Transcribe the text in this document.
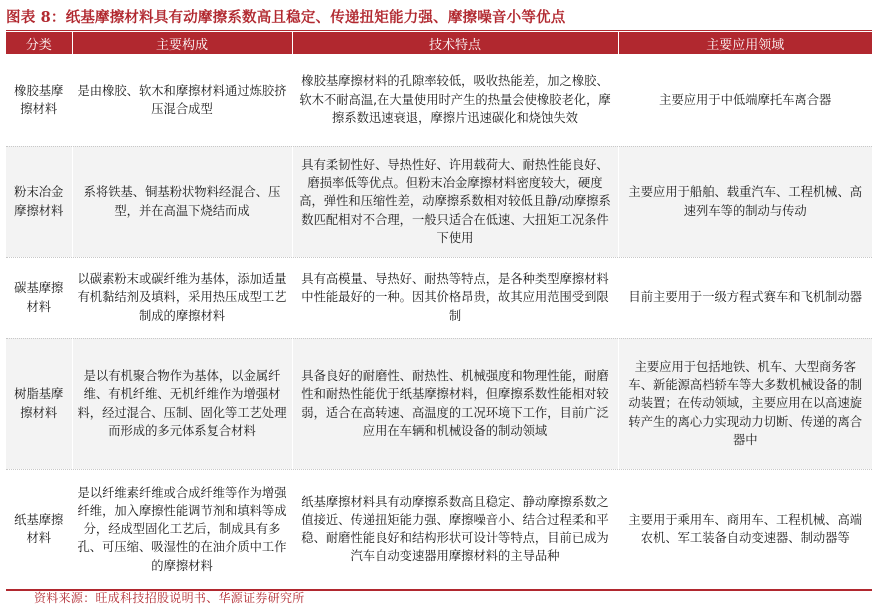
图表 8：纸基摩擦材料具有动摩擦系数高且稳定、传递扭矩能力强、摩擦噪音小等优点
分类	主要构成	技术特点	主要应用领域
橡胶基摩擦材料	是由橡胶、软木和摩擦材料通过炼胶挤压混合成型	橡胶基摩擦材料的孔隙率较低，吸收热能差，加之橡胶、软木不耐高温,在大量使用时产生的热量会使橡胶老化，摩擦系数迅速衰退，摩擦片迅速碳化和烧蚀失效	主要应用于中低端摩托车离合器
粉末冶金摩擦材料	系将铁基、铜基粉状物料经混合、压型，并在高温下烧结而成	具有柔韧性好、导热性好、许用载荷大、耐热性能良好、磨损率低等优点。但粉末冶金摩擦材料密度较大，硬度高，弹性和压缩性差，动摩擦系数相对较低且静/动摩擦系数匹配相对不合理，一般只适合在低速、大扭矩工况条件下使用	主要应用于船舶、载重汽车、工程机械、高速列车等的制动与传动
碳基摩擦材料	以碳素粉末或碳纤维为基体，添加适量有机黏结剂及填料，采用热压成型工艺制成的摩擦材料	具有高模量、导热好、耐热等特点，是各种类型摩擦材料中性能最好的一种。因其价格昂贵，故其应用范围受到限制	目前主要用于一级方程式赛车和飞机制动器
树脂基摩擦材料	是以有机聚合物作为基体，以金属纤维、有机纤维、无机纤维作为增强材料，经过混合、压制、固化等工艺处理而形成的多元体系复合材料	具备良好的耐磨性、耐热性、机械强度和物理性能，耐磨性和耐热性能优于纸基摩擦材料，但摩擦系数性能相对较弱，适合在高转速、高温度的工况环境下工作，目前广泛应用在车辆和机械设备的制动领域	主要应用于包括地铁、机车、大型商务客车、新能源高档轿车等大多数机械设备的制动装置；在传动领域，主要应用在以高速旋转产生的离心力实现动力切断、传递的离合器中
纸基摩擦材料	是以纤维素纤维或合成纤维等作为增强纤维，加入摩擦性能调节剂和填料等成分，经成型固化工艺后，制成具有多孔、可压缩、吸湿性的在油介质中工作的摩擦材料	纸基摩擦材料具有动摩擦系数高且稳定、静动摩擦系数之值接近、传递扭矩能力强、摩擦噪音小、结合过程柔和平稳、耐磨性能良好和结构形状可设计等特点，目前已成为汽车自动变速器用摩擦材料的主导品种	主要用于乘用车、商用车、工程机械、高端农机、军工装备自动变速器、制动器等
资料来源：旺成科技招股说明书、华源证券研究所
